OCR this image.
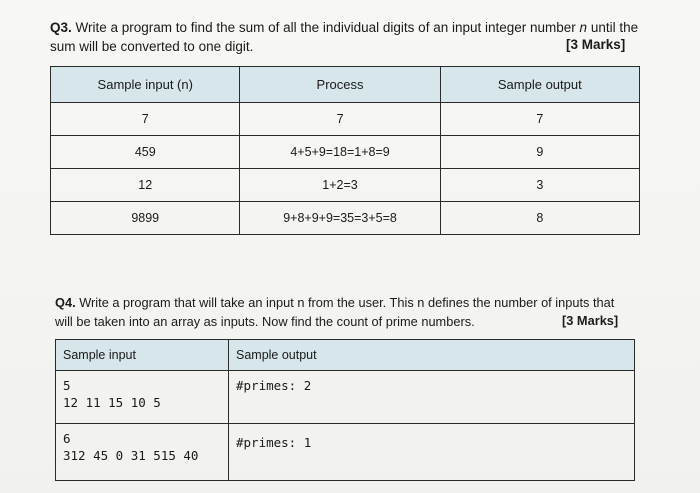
Q3. Write a program to find the sum of all the individual digits of an input integer number n until the
sum will be converted to one digit.	[3 Marks]
Sample input (n)	Process	Sample output
7	7	7
459	4+5+9=18=1+8=9	9
12	1+2=3	3
9899	9+8+9+9=35=3+5=8	8
Q4. Write a program that will take an input n from the user. This n defines the number of inputs that
will be taken into an array as inputs. Now find the count of prime numbers.	[3 Marks]
Sample input	Sample output

5
12 11 15 10 5	#primes: 2

6
312 45 0 31 515 40	#primes: 1
